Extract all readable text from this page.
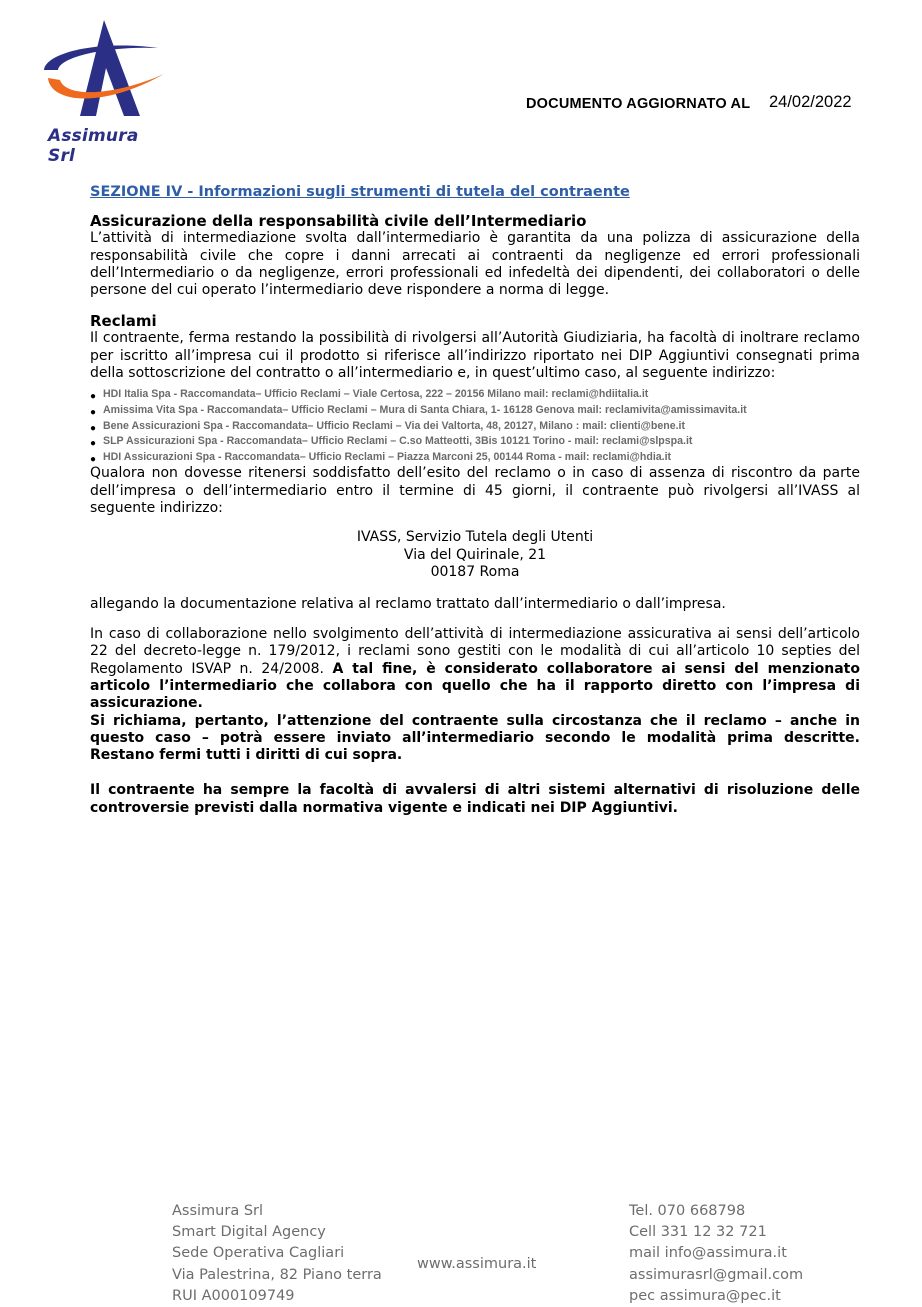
Assimura Srl
DOCUMENTO AGGIORNATO AL 24/02/2022
SEZIONE IV - Informazioni sugli strumenti di tutela del contraente
Assicurazione della responsabilità civile dell’Intermediario

L’attività di intermediazione svolta dall’intermediario è garantita da una polizza di assicurazione della responsabilità civile che copre i danni arrecati ai contraenti da negligenze ed errori professionali dell’Intermediario o da negligenze, errori professionali ed infedeltà dei dipendenti, dei collaboratori o delle persone del cui operato l’intermediario deve rispondere a norma di legge.

Reclami

Il contraente, ferma restando la possibilità di rivolgersi all’Autorità Giudiziaria, ha facoltà di inoltrare reclamo per iscritto all’impresa cui il prodotto si riferisce all’indirizzo riportato nei DIP Aggiuntivi consegnati prima della sottoscrizione del contratto o all’intermediario e, in quest’ultimo caso, al seguente indirizzo:

● HDI Italia Spa - Raccomandata– Ufficio Reclami – Viale Certosa, 222 – 20156 Milano mail: reclami@hdiitalia.it
● Amissima Vita Spa - Raccomandata– Ufficio Reclami – Mura di Santa Chiara, 1- 16128 Genova mail: reclamivita@amissimavita.it
● Bene Assicurazioni Spa - Raccomandata– Ufficio Reclami – Via dei Valtorta, 48, 20127, Milano : mail: clienti@bene.it
● SLP Assicurazioni Spa - Raccomandata– Ufficio Reclami – C.so Matteotti, 3Bis 10121 Torino - mail: reclami@slpspa.it
● HDI Assicurazioni Spa - Raccomandata– Ufficio Reclami – Piazza Marconi 25, 00144 Roma - mail: reclami@hdia.it

Qualora non dovesse ritenersi soddisfatto dell’esito del reclamo o in caso di assenza di riscontro da parte dell’impresa o dell’intermediario entro il termine di 45 giorni, il contraente può rivolgersi all’IVASS al seguente indirizzo:

IVASS, Servizio Tutela degli Utenti
Via del Quirinale, 21
00187 Roma

allegando la documentazione relativa al reclamo trattato dall’intermediario o dall’impresa.

In caso di collaborazione nello svolgimento dell’attività di intermediazione assicurativa ai sensi dell’articolo 22 del decreto-legge n. 179/2012, i reclami sono gestiti con le modalità di cui all’articolo 10 septies del Regolamento ISVAP n. 24/2008. A tal fine, è considerato collaboratore ai sensi del menzionato articolo l’intermediario che collabora con quello che ha il rapporto diretto con l’impresa di assicurazione.

Si richiama, pertanto, l’attenzione del contraente sulla circostanza che il reclamo – anche in questo caso – potrà essere inviato all’intermediario secondo le modalità prima descritte. Restano fermi tutti i diritti di cui sopra.

Il contraente ha sempre la facoltà di avvalersi di altri sistemi alternativi di risoluzione delle controversie previsti dalla normativa vigente e indicati nei DIP Aggiuntivi.

Assimura Srl
Smart Digital Agency
Sede Operativa Cagliari
Via Palestrina, 82 Piano terra
RUI A000109749
www.assimura.it
Tel. 070 668798
Cell 331 12 32 721
mail info@assimura.it
assimurasrl@gmail.com
pec assimura@pec.it
